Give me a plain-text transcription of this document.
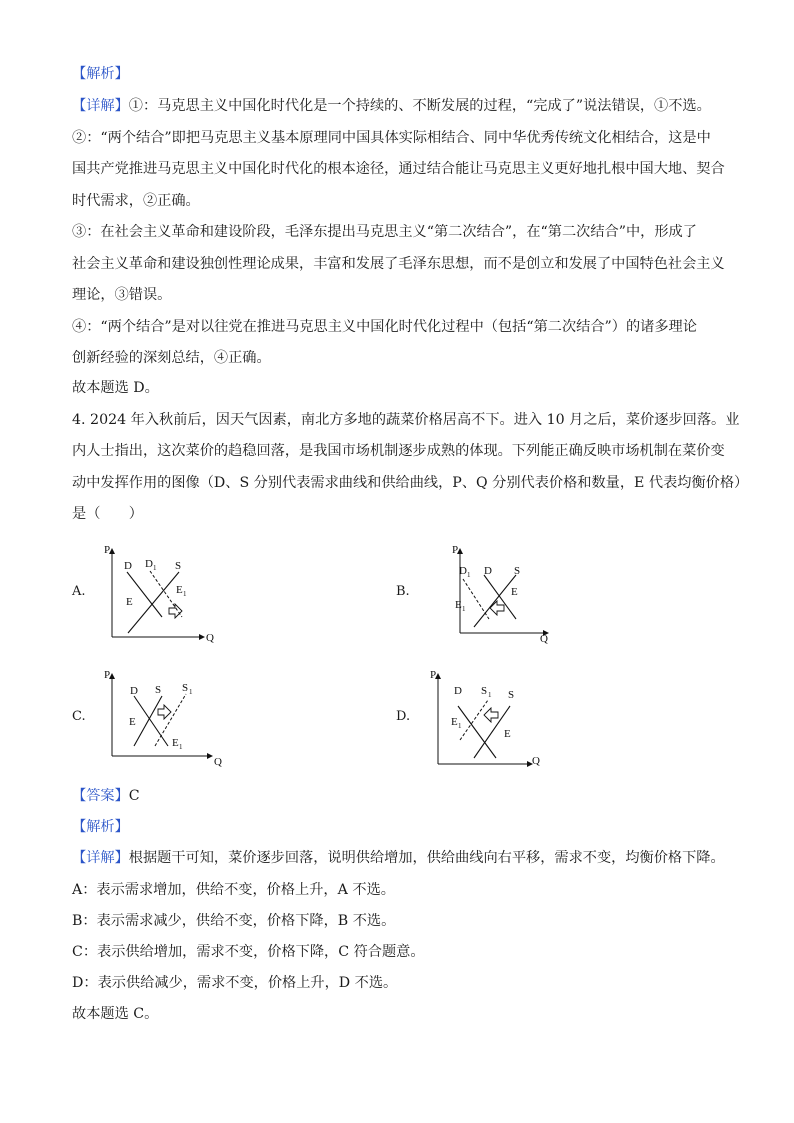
【解析】
【详解】①：马克思主义中国化时代化是一个持续的、不断发展的过程，“完成了”说法错误，①不选。
②：“两个结合”即把马克思主义基本原理同中国具体实际相结合、同中华优秀传统文化相结合，这是中
国共产党推进马克思主义中国化时代化的根本途径，通过结合能让马克思主义更好地扎根中国大地、契合
时代需求，②正确。
③：在社会主义革命和建设阶段，毛泽东提出马克思主义“第二次结合”，在“第二次结合”中，形成了
社会主义革命和建设独创性理论成果，丰富和发展了毛泽东思想，而不是创立和发展了中国特色社会主义
理论，③错误。
④：“两个结合”是对以往党在推进马克思主义中国化时代化过程中（包括“第二次结合”）的诸多理论
创新经验的深刻总结，④正确。
故本题选 D。
4. 2024 年入秋前后，因天气因素，南北方多地的蔬菜价格居高不下。进入 10 月之后，菜价逐步回落。业
内人士指出，这次菜价的趋稳回落，是我国市场机制逐步成熟的体现。下列能正确反映市场机制在菜价变
动中发挥作用的图像（D、S 分别代表需求曲线和供给曲线，P、Q 分别代表价格和数量，E 代表均衡价格）
是（　　）
A.	B.
C.	D.
P
Q
D D 1 S
E
E 1
P
Q
D 1 D S
E 1
E
P
Q
D S S 1
E
E 1
P
Q
D S 1 S
E 1
E
【答案】C
【解析】
【详解】根据题干可知，菜价逐步回落，说明供给增加，供给曲线向右平移，需求不变，均衡价格下降。
A：表示需求增加，供给不变，价格上升，A 不选。
B：表示需求减少，供给不变，价格下降，B 不选。
C：表示供给增加，需求不变，价格下降，C 符合题意。
D：表示供给减少，需求不变，价格上升，D 不选。
故本题选 C。
